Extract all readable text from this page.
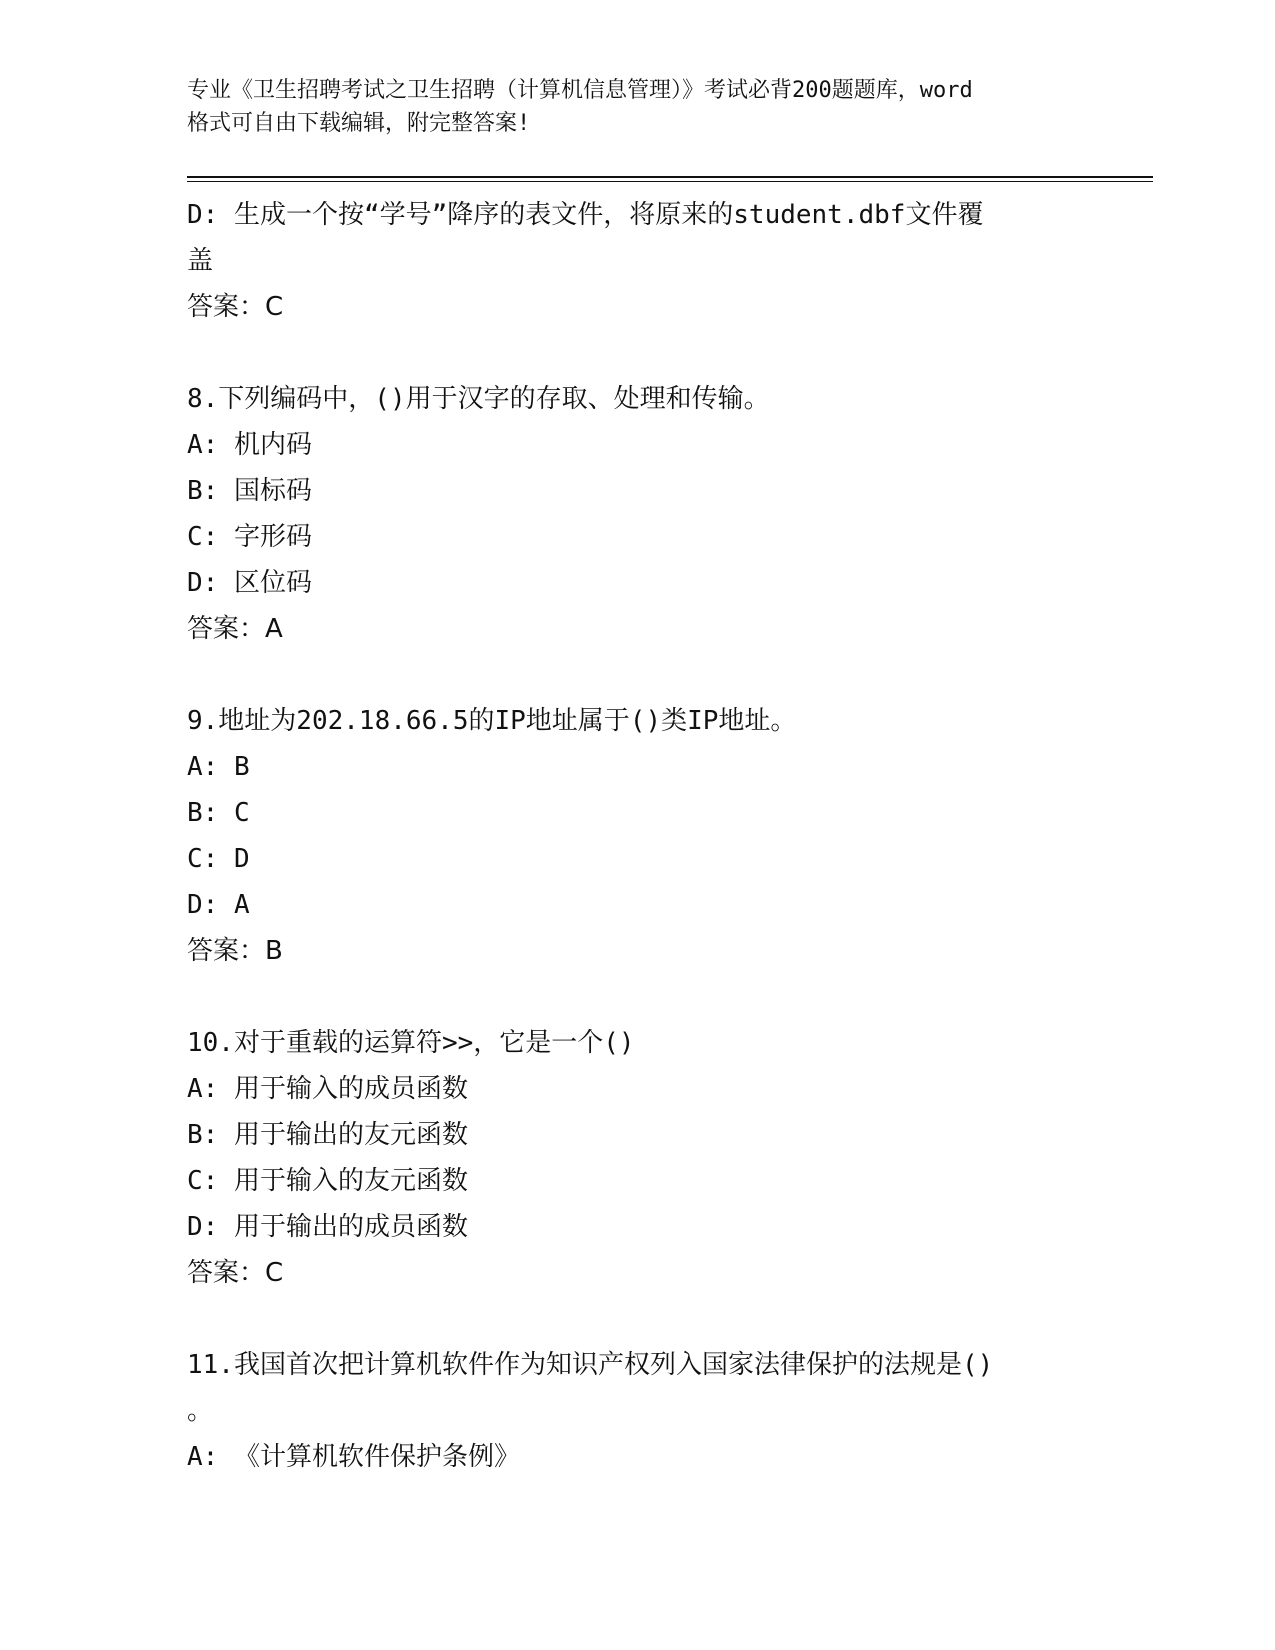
专业《卫生招聘考试之卫生招聘（计算机信息管理）》考试必背200题题库，word
格式可自由下载编辑，附完整答案!
D: 生成一个按“学号”降序的表文件，将原来的student.dbf文件覆
盖
答案：C
8.下列编码中，()用于汉字的存取、处理和传输。
A: 机内码
B: 国标码
C: 字形码
D: 区位码
答案：A
9.地址为202.18.66.5的IP地址属于()类IP地址。
A: B
B: C
C: D
D: A
答案：B
10.对于重载的运算符>>，它是一个()
A: 用于输入的成员函数
B: 用于输出的友元函数
C: 用于输入的友元函数
D: 用于输出的成员函数
答案：C
11.我国首次把计算机软件作为知识产权列入国家法律保护的法规是()
。
A: 《计算机软件保护条例》
